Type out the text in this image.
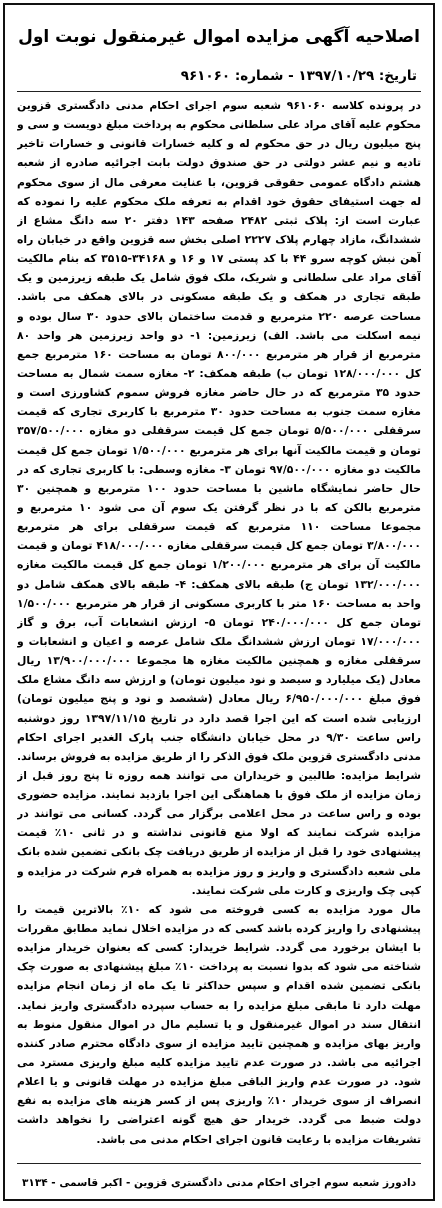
اصلاحیه آگهی مزایده اموال غیرمنقول نوبت اول
تاریخ: ۱۳۹۷/۱۰/۲۹ - شماره: ۹۶۱۰۶۰

در پرونده کلاسه ۹۶۱۰۶۰ شعبه سوم اجرای احکام مدنی دادگستری قزوین محکوم علیه آقای مراد علی سلطانی محکوم به پرداخت مبلغ دویست و سی و پنج میلیون ریال در حق محکوم له و کلیه خسارات قانونی و خسارات تاخیر تادیه و نیم عشر دولتی در حق صندوق دولت بابت اجرائیه صادره از شعبه هشتم دادگاه عمومی حقوقی قزوین، با عنایت معرفی مال از سوی محکوم له جهت استیفای حقوق خود اقدام به تعرفه ملک محکوم علیه را نموده که عبارت است از: پلاک ثبتی ۲۴۸۲ صفحه ۱۴۳ دفتر ۲۰ سه دانگ مشاع از ششدانگ، مازاد چهارم پلاک ۲۲۲۷ اصلی بخش سه قزوین واقع در خیابان راه آهن نبش کوچه سرو ۴۴ با کد پستی ۱۷ و ۱۶ و ۳۴۱۶۸-۳۵۱۵ که بنام مالکیت آقای مراد علی سلطانی و شریک، ملک فوق شامل یک طبقه زیرزمین و یک طبقه تجاری در همکف و یک طبقه مسکونی در بالای همکف می باشد. مساحت عرصه ۲۲۰ مترمربع و قدمت ساختمان بالای حدود ۳۰ سال بوده و نیمه اسکلت می باشد. الف) زیرزمین: ۱- دو واحد زیرزمین هر واحد ۸۰ مترمربع از قرار هر مترمربع ۸۰۰/۰۰۰ تومان به مساحت ۱۶۰ مترمربع جمع کل ۱۲۸/۰۰۰/۰۰۰ تومان ب) طبقه همکف: ۲- مغازه سمت شمال به مساحت حدود ۳۵ مترمربع که در حال حاضر مغازه فروش سموم کشاورزی است و مغازه سمت جنوب به مساحت حدود ۳۰ مترمربع با کاربری تجاری که قیمت سرقفلی ۵/۵۰۰/۰۰۰ تومان جمع کل قیمت سرقفلی دو مغازه ۳۵۷/۵۰۰/۰۰۰ تومان و قیمت مالکیت آنها برای هر مترمربع ۱/۵۰۰/۰۰۰ تومان جمع کل قیمت مالکیت دو مغازه ۹۷/۵۰۰/۰۰۰ تومان ۳- مغازه وسطی: با کاربری تجاری که در حال حاضر نمایشگاه ماشین با مساحت حدود ۱۰۰ مترمربع و همچنین ۳۰ مترمربع بالکن که با در نظر گرفتن یک سوم آن می شود ۱۰ مترمربع و مجموعا مساحت ۱۱۰ مترمربع که قیمت سرقفلی برای هر مترمربع ۳/۸۰۰/۰۰۰ تومان جمع کل قیمت سرقفلی مغازه ۴۱۸/۰۰۰/۰۰۰ تومان و قیمت مالکیت آن برای هر مترمربع ۱/۲۰۰/۰۰۰ تومان جمع کل قیمت مالکیت مغازه ۱۳۲/۰۰۰/۰۰۰ تومان ج) طبقه بالای همکف: ۴- طبقه بالای همکف شامل دو واحد به مساحت ۱۶۰ متر با کاربری مسکونی از قرار هر مترمربع ۱/۵۰۰/۰۰۰ تومان جمع کل ۲۴۰/۰۰۰/۰۰۰ تومان ۵- ارزش انشعابات آب، برق و گاز ۱۷/۰۰۰/۰۰۰ تومان ارزش ششدانگ ملک شامل عرصه و اعیان و انشعابات و سرقفلی مغازه و همچنین مالکیت مغازه ها مجموعا ۱۳/۹۰۰/۰۰۰/۰۰۰ ریال معادل (یک میلیارد و سیصد و نود میلیون تومان) و ارزش سه دانگ مشاع ملک فوق مبلغ ۶/۹۵۰/۰۰۰/۰۰۰ ریال معادل (ششصد و نود و پنج میلیون تومان) ارزیابی شده است که این اجرا قصد دارد در تاریخ ۱۳۹۷/۱۱/۱۵ روز دوشنبه راس ساعت ۹/۳۰ در محل خیابان دانشگاه جنب پارک الغدیر اجرای احکام مدنی دادگستری قزوین ملک فوق الذکر را از طریق مزایده به فروش برساند. شرایط مزایده: طالبین و خریداران می توانند همه روزه تا پنج روز قبل از زمان مزایده از ملک فوق با هماهنگی این اجرا بازدید نمایند. مزایده حضوری بوده و راس ساعت در محل اعلامی برگزار می گردد. کسانی می توانند در مزایده شرکت نمایند که اولا منع قانونی نداشته و در ثانی ۱۰٪ قیمت پیشنهادی خود را قبل از مزایده از طریق دریافت چک بانکی تضمین شده بانک ملی شعبه دادگستری و واریز و روز مزایده به همراه فرم شرکت در مزایده و کپی چک واریزی و کارت ملی شرکت نمایند.

مال مورد مزایده به کسی فروخته می شود که ۱۰٪ بالاترین قیمت را پیشنهادی را واریز کرده باشد کسی که در مزایده اخلال نماید مطابق مقررات با ایشان برخورد می گردد. شرایط خریدار: کسی که بعنوان خریدار مزایده شناخته می شود که بدوا نسبت به پرداخت ۱۰٪ مبلغ پیشنهادی به صورت چک بانکی تضمین شده اقدام و سپس حداکثر تا یک ماه از زمان انجام مزایده مهلت دارد تا مابقی مبلغ مزایده را به حساب سپرده دادگستری واریز نماید. انتقال سند در اموال غیرمنقول و یا تسلیم مال در اموال منقول منوط به واریز بهای مزایده و همچنین تایید مزایده از سوی دادگاه محترم صادر کننده اجرائیه می باشد. در صورت عدم تایید مزایده کلیه مبلغ واریزی مسترد می شود. در صورت عدم واریز الباقی مبلغ مزایده در مهلت قانونی و یا اعلام انصراف از سوی خریدار ۱۰٪ واریزی پس از کسر هزینه های مزایده به نفع دولت ضبط می گردد. خریدار حق هیچ گونه اعتراضی را نخواهد داشت تشریفات مزایده با رعایت قانون اجرای احکام مدنی می باشد.

دادورز شعبه سوم اجرای احکام مدنی دادگستری قزوین - اکبر قاسمی - ۳۱۳۴
